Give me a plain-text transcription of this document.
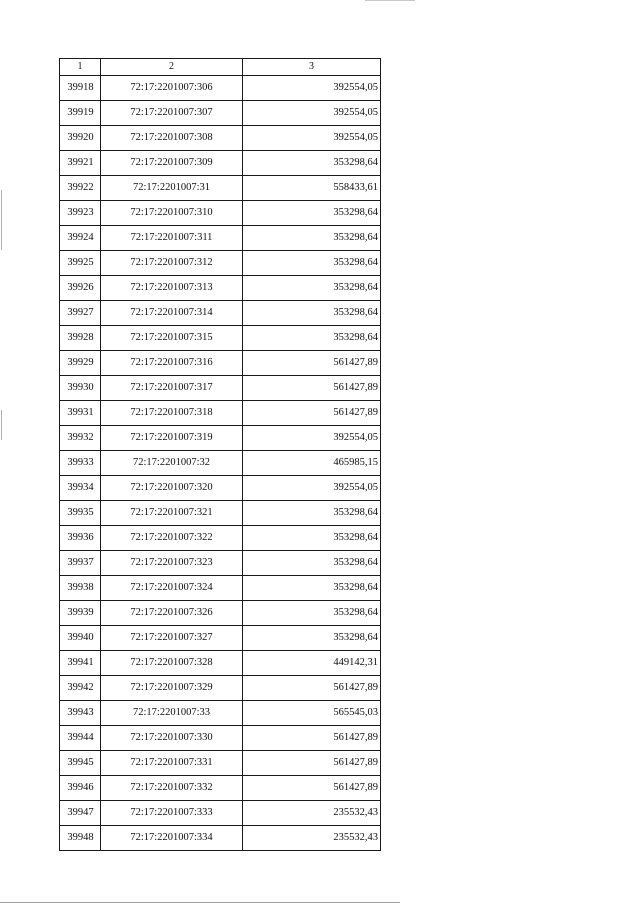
1	2	3
39918	72:17:2201007:306	392554,05
39919	72:17:2201007:307	392554,05
39920	72:17:2201007:308	392554,05
39921	72:17:2201007:309	353298,64
39922	72:17:2201007:31	558433,61
39923	72:17:2201007:310	353298,64
39924	72:17:2201007:311	353298,64
39925	72:17:2201007:312	353298,64
39926	72:17:2201007:313	353298,64
39927	72:17:2201007:314	353298,64
39928	72:17:2201007:315	353298,64
39929	72:17:2201007:316	561427,89
39930	72:17:2201007:317	561427,89
39931	72:17:2201007:318	561427,89
39932	72:17:2201007:319	392554,05
39933	72:17:2201007:32	465985,15
39934	72:17:2201007:320	392554,05
39935	72:17:2201007:321	353298,64
39936	72:17:2201007:322	353298,64
39937	72:17:2201007:323	353298,64
39938	72:17:2201007:324	353298,64
39939	72:17:2201007:326	353298,64
39940	72:17:2201007:327	353298,64
39941	72:17:2201007:328	449142,31
39942	72:17:2201007:329	561427,89
39943	72:17:2201007:33	565545,03
39944	72:17:2201007:330	561427,89
39945	72:17:2201007:331	561427,89
39946	72:17:2201007:332	561427,89
39947	72:17:2201007:333	235532,43
39948	72:17:2201007:334	235532,43
